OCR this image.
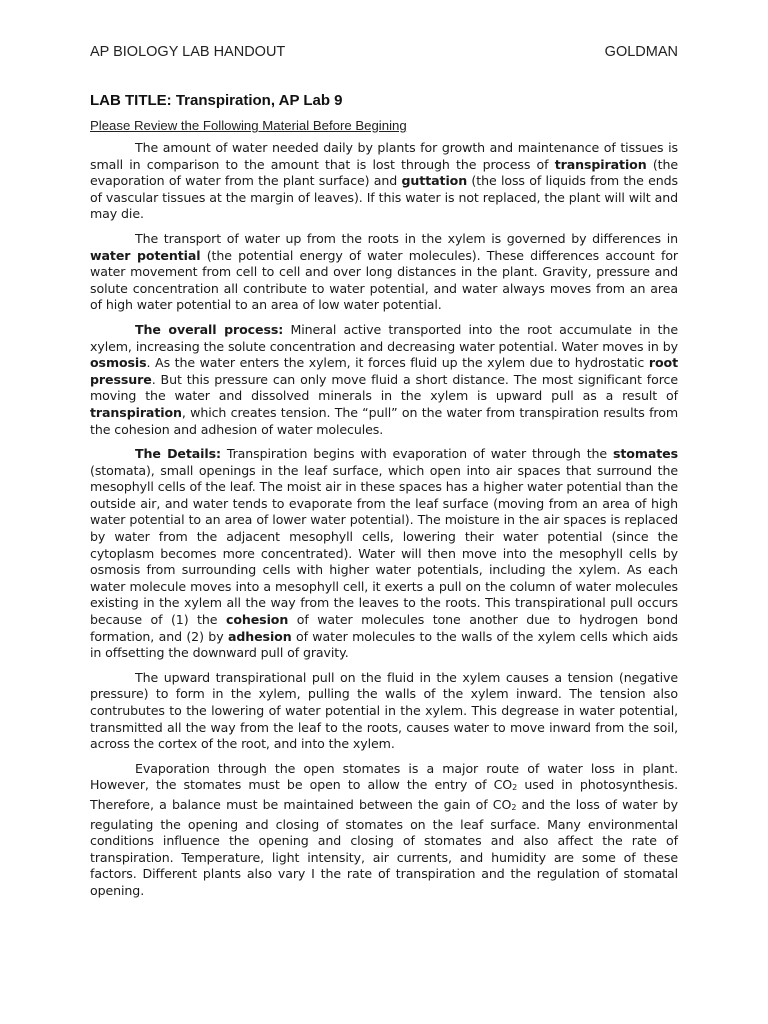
AP BIOLOGY LAB HANDOUT	GOLDMAN
LAB TITLE: Transpiration, AP Lab 9
Please Review the Following Material Before Begining

The amount of water needed daily by plants for growth and maintenance of tissues is small in comparison to the amount that is lost through the process of transpiration (the evaporation of water from the plant surface) and guttation (the loss of liquids from the ends of vascular tissues at the margin of leaves). If this water is not replaced, the plant will wilt and may die.

The transport of water up from the roots in the xylem is governed by differences in water potential (the potential energy of water molecules). These differences account for water movement from cell to cell and over long distances in the plant. Gravity, pressure and solute concentration all contribute to water potential, and water always moves from an area of high water potential to an area of low water potential.

The overall process: Mineral active transported into the root accumulate in the xylem, increasing the solute concentration and decreasing water potential. Water moves in by osmosis. As the water enters the xylem, it forces fluid up the xylem due to hydrostatic root pressure. But this pressure can only move fluid a short distance. The most significant force moving the water and dissolved minerals in the xylem is upward pull as a result of transpiration, which creates tension. The “pull” on the water from transpiration results from the cohesion and adhesion of water molecules.

The Details: Transpiration begins with evaporation of water through the stomates (stomata), small openings in the leaf surface, which open into air spaces that surround the mesophyll cells of the leaf. The moist air in these spaces has a higher water potential than the outside air, and water tends to evaporate from the leaf surface (moving from an area of high water potential to an area of lower water potential). The moisture in the air spaces is replaced by water from the adjacent mesophyll cells, lowering their water potential (since the cytoplasm becomes more concentrated). Water will then move into the mesophyll cells by osmosis from surrounding cells with higher water potentials, including the xylem. As each water molecule moves into a mesophyll cell, it exerts a pull on the column of water molecules existing in the xylem all the way from the leaves to the roots. This transpirational pull occurs because of (1) the cohesion of water molecules tone another due to hydrogen bond formation, and (2) by adhesion of water molecules to the walls of the xylem cells which aids in offsetting the downward pull of gravity.

The upward transpirational pull on the fluid in the xylem causes a tension (negative pressure) to form in the xylem, pulling the walls of the xylem inward. The tension also contrubutes to the lowering of water potential in the xylem. This degrease in water potential, transmitted all the way from the leaf to the roots, causes water to move inward from the soil, across the cortex of the root, and into the xylem.

Evaporation through the open stomates is a major route of water loss in plant. However, the stomates must be open to allow the entry of $CO_2$ used in photosynthesis. Therefore, a balance must be maintained between the gain of $CO_2$ and the loss of water by regulating the opening and closing of stomates on the leaf surface. Many environmental conditions influence the opening and closing of stomates and also affect the rate of transpiration. Temperature, light intensity, air currents, and humidity are some of these factors. Different plants also vary I the rate of transpiration and the regulation of stomatal opening.
